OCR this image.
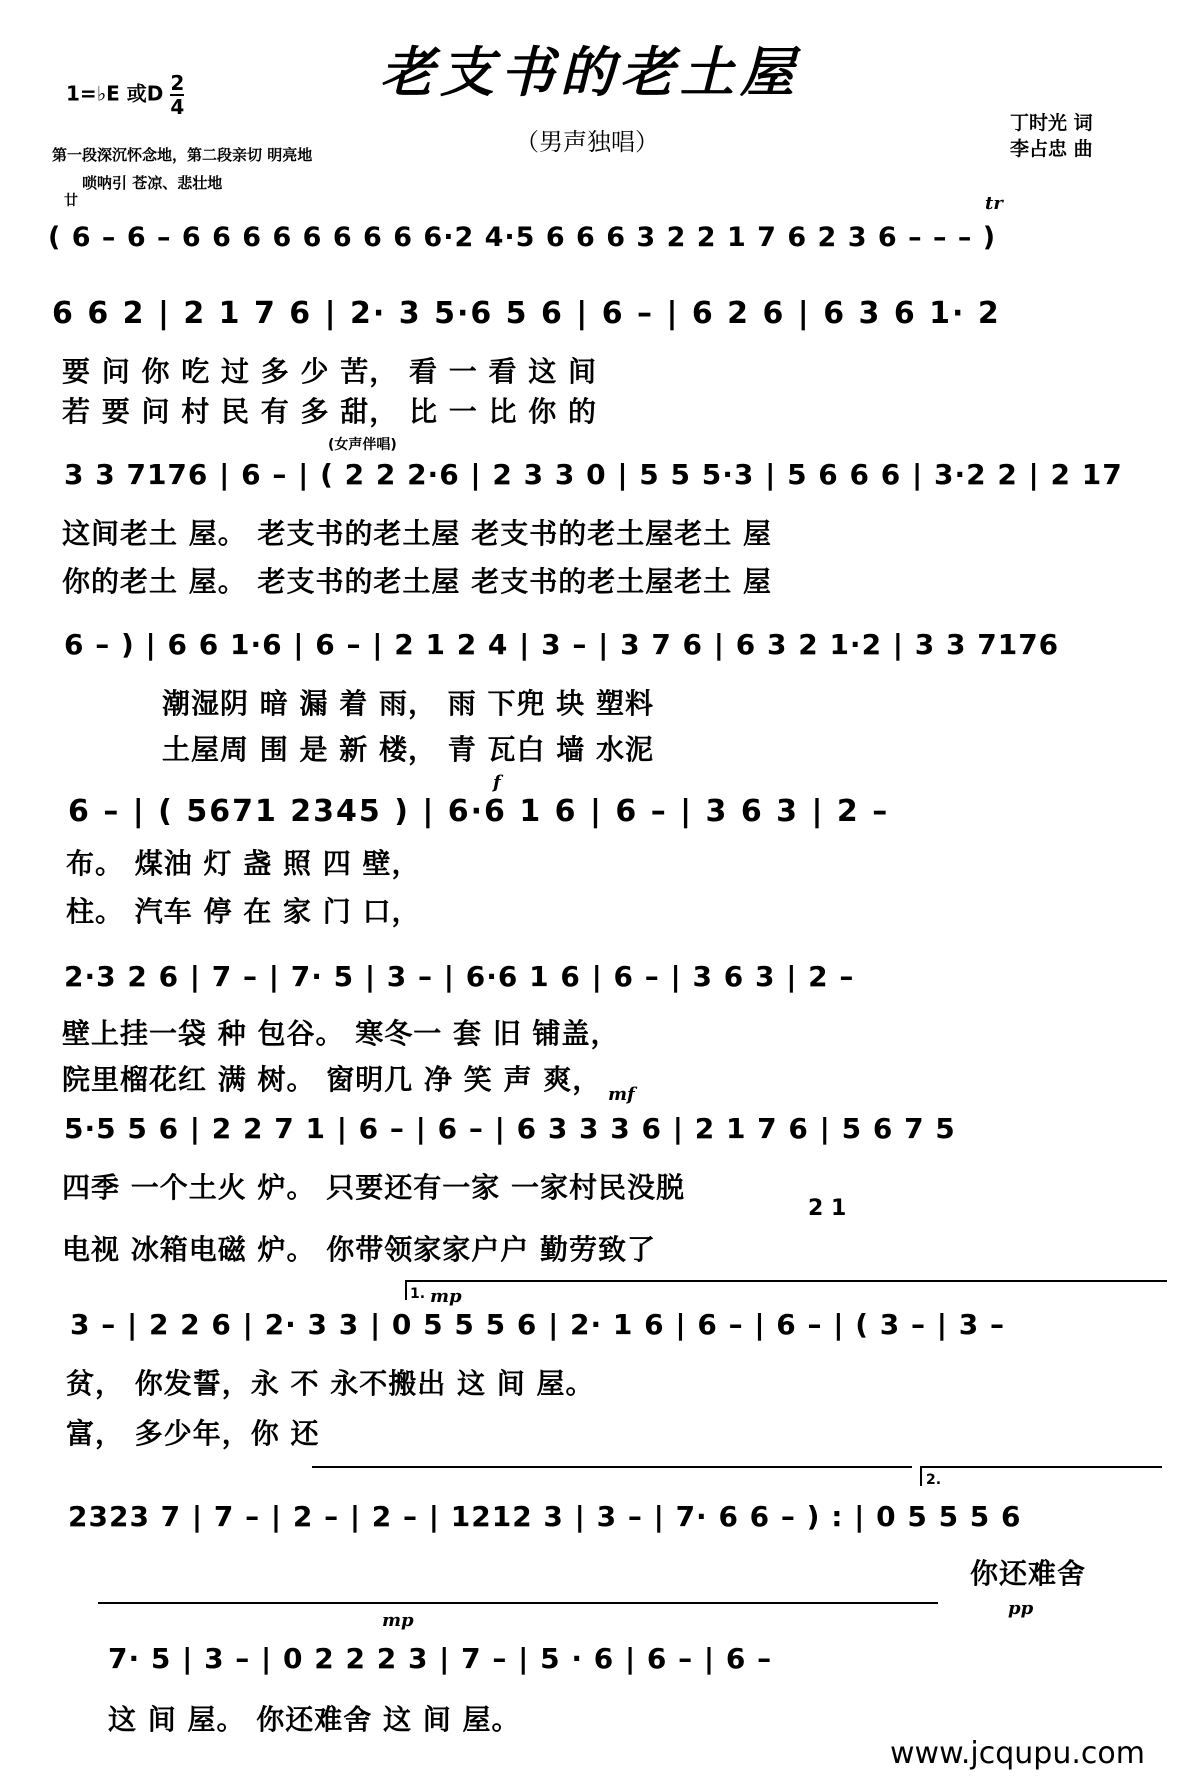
老支书的老土屋
（男声独唱）
1=♭E 或D $\frac{2}{4}$
丁时光 词
李占忠 曲
第一段深沉怀念地，第二段亲切 明亮地
唢呐引 苍凉、悲壮地
廿	tr
( 6 – 6 – 6 6 6 6 6 6 6 6 6·2 4·5 6 6 6 3 2 2 1 7 6 2 3 6 – – – )
6 6 2 | 2 1 7 6 | 2· 3 5·6 5 6 | 6 – | 6 2 6 | 6 3 6 1· 2
要 问 你 吃 过 多 少 苦， 看 一 看 这 间
若 要 问 村 民 有 多 甜， 比 一 比 你 的
(女声伴唱)
3 3 7176 | 6 – | ( 2 2 2·6 | 2 3 3 0 | 5 5 5·3 | 5 6 6 6 | 3·2 2 | 2 17
这间老土 屋。 老支书的老土屋 老支书的老土屋老土 屋
你的老土 屋。 老支书的老土屋 老支书的老土屋老土 屋
6 – ) | 6 6 1·6 | 6 – | 2 1 2 4 | 3 – | 3 7 6 | 6 3 2 1·2 | 3 3 7176
潮湿阴 暗 漏 着 雨， 雨 下兜 块 塑料
土屋周 围 是 新 楼， 青 瓦白 墙 水泥
f
6 – | ( 5671 2345 ) | 6·6 1 6 | 6 – | 3 6 3 | 2 –
布。 煤油 灯 盏 照 四 壁，
柱。 汽车 停 在 家 门 口，
2·3 2 6 | 7 – | 7· 5 | 3 – | 6·6 1 6 | 6 – | 3 6 3 | 2 –
壁上挂一袋 种 包谷。 寒冬一 套 旧 铺盖，
院里榴花红 满 树。 窗明几 净 笑 声 爽， mf
5·5 5 6 | 2 2 7 1 | 6 – | 6 – | 6 3 3 3 6 | 2 1 7 6 | 5 6 7 5
四季 一个土火 炉。 只要还有一家 一家村民没脱
2 1
电视 冰箱电磁 炉。 你带领家家户户 勤劳致了
1. mp
3 – | 2 2 6 | 2· 3 3 | 0 5 5 5 6 | 2· 1 6 | 6 – | 6 – | ( 3 – | 3 –
贫， 你发誓，永 不 永不搬出 这 间 屋。
富， 多少年，你 还
2.
2323 7 | 7 – | 2 – | 2 – | 1212 3 | 3 – | 7· 6 6 – ) : | 0 5 5 5 6
你还难舍
mp
pp
7· 5 | 3 – | 0 2 2 2 3 | 7 – | 5 · 6 | 6 – | 6 –
这 间 屋。 你还难舍 这 间 屋。
www.jcqupu.com
